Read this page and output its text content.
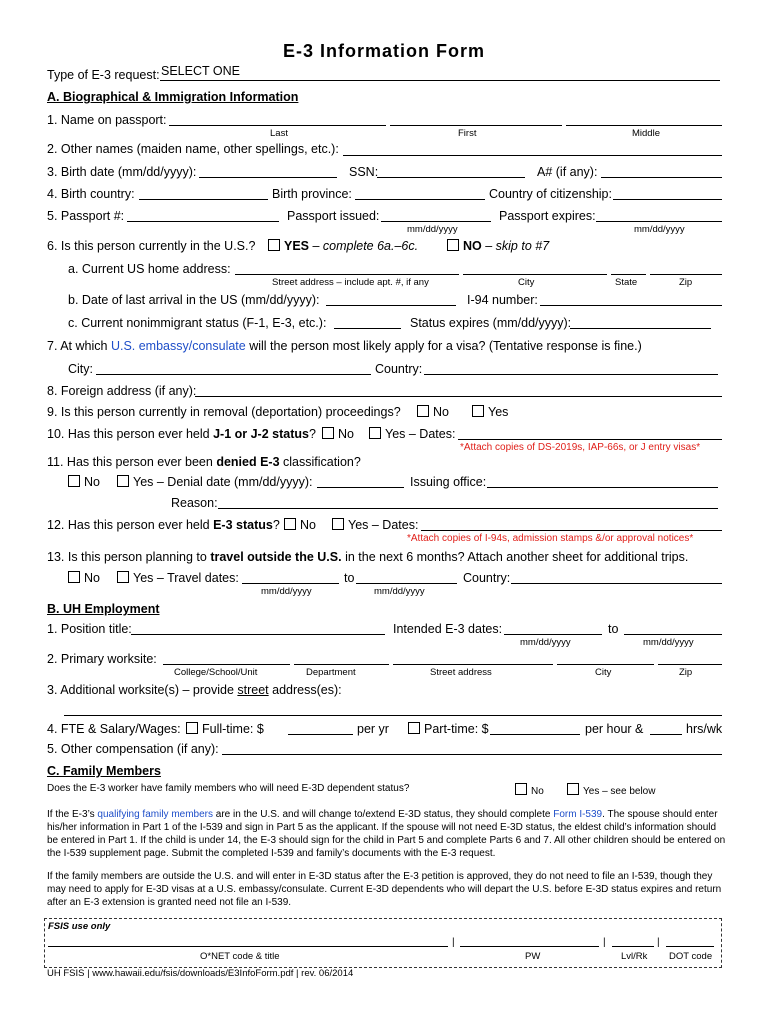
E-3 Information Form
Type of E-3 request: SELECT ONE
A. Biographical & Immigration Information
1. Name on passport:
Last	First	Middle
2. Other names (maiden name, other spellings, etc.):
3. Birth date (mm/dd/yyyy):	SSN:	A# (if any):
4. Birth country:	Birth province:	Country of citizenship:
5. Passport #:	Passport issued:	Passport expires:
mm/dd/yyyy	mm/dd/yyyy
6. Is this person currently in the U.S.?	YES – complete 6a.–6c.	NO – skip to #7
a. Current US home address:
Street address – include apt. #, if any	City	State	Zip
b. Date of last arrival in the US (mm/dd/yyyy):	I-94 number:
c. Current nonimmigrant status (F-1, E-3, etc.):	Status expires (mm/dd/yyyy):
7. At which U.S. embassy/consulate will the person most likely apply for a visa? (Tentative response is fine.)
City:	Country:
8. Foreign address (if any):
9. Is this person currently in removal (deportation) proceedings?	No	Yes
10. Has this person ever held J-1 or J-2 status?	No	Yes – Dates:
*Attach copies of DS-2019s, IAP-66s, or J entry visas*
11. Has this person ever been denied E-3 classification?
No	Yes – Denial date (mm/dd/yyyy):	Issuing office:
Reason:
12. Has this person ever held E-3 status?	No	Yes – Dates:
*Attach copies of I-94s, admission stamps &/or approval notices*
13. Is this person planning to travel outside the U.S. in the next 6 months? Attach another sheet for additional trips.
No	Yes – Travel dates:	to	Country:
mm/dd/yyyy	mm/dd/yyyy
B. UH Employment
1. Position title:	Intended E-3 dates:	to
mm/dd/yyyy	mm/dd/yyyy
2. Primary worksite:
College/School/Unit	Department	Street address	City	Zip
3. Additional worksite(s) – provide street address(es):
4. FTE & Salary/Wages:	Full-time: $	per yr	Part-time: $	per hour &	hrs/wk
5. Other compensation (if any):
C. Family Members
Does the E-3 worker have family members who will need E-3D dependent status?	No	Yes – see below
If the E-3’s qualifying family members are in the U.S. and will change to/extend E-3D status, they should complete Form I-539. The spouse should enter his/her information in Part 1 of the I-539 and sign in Part 5 as the applicant. If the spouse will not need E-3D status, the eldest child’s information should be entered in Part 1. If the child is under 14, the E-3 should sign for the child in Part 5 and complete Parts 6 and 7. All other children should be entered on the I-539 supplement page. Submit the completed I-539 and family’s documents with the E-3 request.
If the family members are outside the U.S. and will enter in E-3D status after the E-3 petition is approved, they do not need to file an I-539, though they may need to apply for E-3D visas at a U.S. embassy/consulate. Current E-3D dependents who will depart the U.S. before E-3D status expires and return after an E-3 extension is granted need not file an I-539.
FSIS use only
|	|	|
O*NET code & title	PW	Lvl/Rk DOT code
UH FSIS | www.hawaii.edu/fsis/downloads/E3InfoForm.pdf | rev. 06/2014
